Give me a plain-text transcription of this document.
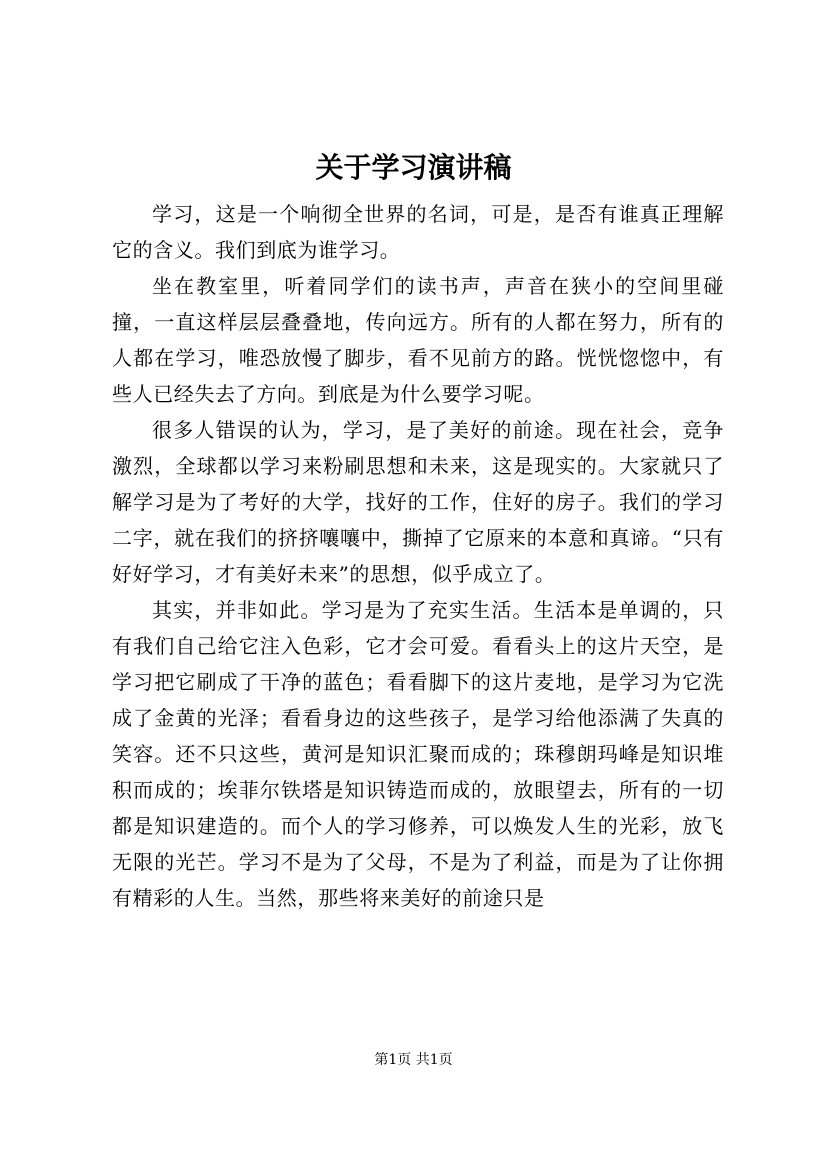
关于学习演讲稿

学习，这是一个响彻全世界的名词，可是，是否有谁真正理解它的含义。我们到底为谁学习。

坐在教室里，听着同学们的读书声，声音在狭小的空间里碰撞，一直这样层层叠叠地，传向远方。所有的人都在努力，所有的人都在学习，唯恐放慢了脚步，看不见前方的路。恍恍惚惚中，有些人已经失去了方向。到底是为什么要学习呢。

很多人错误的认为，学习，是了美好的前途。现在社会，竞争激烈，全球都以学习来粉刷思想和未来，这是现实的。大家就只了解学习是为了考好的大学，找好的工作，住好的房子。我们的学习二字，就在我们的挤挤嚷嚷中，撕掉了它原来的本意和真谛。“只有好好学习，才有美好未来”的思想，似乎成立了。

其实，并非如此。学习是为了充实生活。生活本是单调的，只有我们自己给它注入色彩，它才会可爱。看看头上的这片天空，是学习把它刷成了干净的蓝色；看看脚下的这片麦地，是学习为它洗成了金黄的光泽；看看身边的这些孩子，是学习给他添满了失真的笑容。还不只这些，黄河是知识汇聚而成的；珠穆朗玛峰是知识堆积而成的；埃菲尔铁塔是知识铸造而成的，放眼望去，所有的一切都是知识建造的。而个人的学习修养，可以焕发人生的光彩，放飞无限的光芒。学习不是为了父母，不是为了利益，而是为了让你拥有精彩的人生。当然，那些将来美好的前途只是

第1页 共1页
